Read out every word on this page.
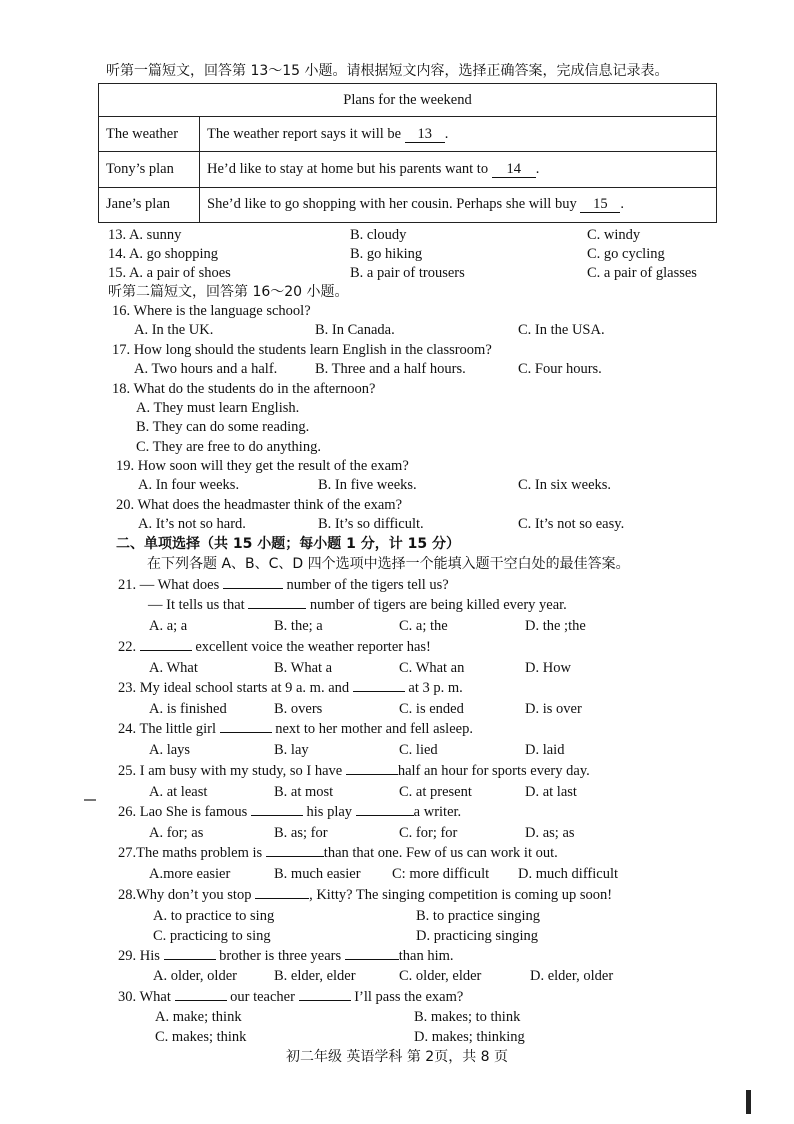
听第一篇短文，回答第 13～15 小题。请根据短文内容，选择正确答案，完成信息记录表。
Plans for the weekend	
The weather	The weather report says it will be 13 .
Tony’s plan	He’d like to stay at home but his parents want to 14 .
Jane’s plan	She’d like to go shopping with her cousin. Perhaps she will buy 15 .
13. A. sunny	B. cloudy	C. windy
14. A. go shopping	B. go hiking	C. go cycling
15. A. a pair of shoes	B. a pair of trousers	C. a pair of glasses
听第二篇短文，回答第 16～20 小题。
16. Where is the language school?
A. In the UK.	B. In Canada.	C. In the USA.
17. How long should the students learn English in the classroom?
A. Two hours and a half.	B. Three and a half hours.	C. Four hours.
18. What do the students do in the afternoon?
A. They must learn English.
B. They can do some reading.
C. They are free to do anything.
19. How soon will they get the result of the exam?
A. In four weeks.	B. In five weeks.	C. In six weeks.
20. What does the headmaster think of the exam?
A. It’s not so hard.	B. It’s so difficult.	C. It’s not so easy.
二、单项选择（共 15 小题；每小题 1 分，计 15 分）
在下列各题 A、B、C、D 四个选项中选择一个能填入题干空白处的最佳答案。
21. — What does	number of the tigers tell us?
— It tells us that	number of tigers are being killed every year.
A. a; a	B. the; a	C. a; the	D. the ;the
22.	excellent voice the weather reporter has!
A. What	B. What a	C. What an	D. How
23. My ideal school starts at 9 a. m. and	at 3 p. m.
A. is finished	B. overs	C. is ended	D. is over
24. The little girl	next to her mother and fell asleep.
A. lays	B. lay	C. lied	D. laid
25. I am busy with my study, so I have	half an hour for sports every day.
A. at least	B. at most	C. at present	D. at last
26. Lao She is famous	his play	a writer.
A. for; as	B. as; for	C. for; for	D. as; as
27.The maths problem is	than that one. Few of us can work it out.
A.more easier	B. much easier C: more difficult D. much difficult
28.Why don’t you stop	, Kitty? The singing competition is coming up soon!
A. to practice to sing	B. to practice singing
C. practicing to sing	D. practicing singing
29. His	brother is three years	than him.
A. older, older	B. elder, elder	C. older, elder	D. elder, older
30. What	our teacher	I’ll pass the exam?
A. make; think	B. makes; to think
C. makes; think	D. makes; thinking
初二年级 英语学科 第 2页，共 8 页
